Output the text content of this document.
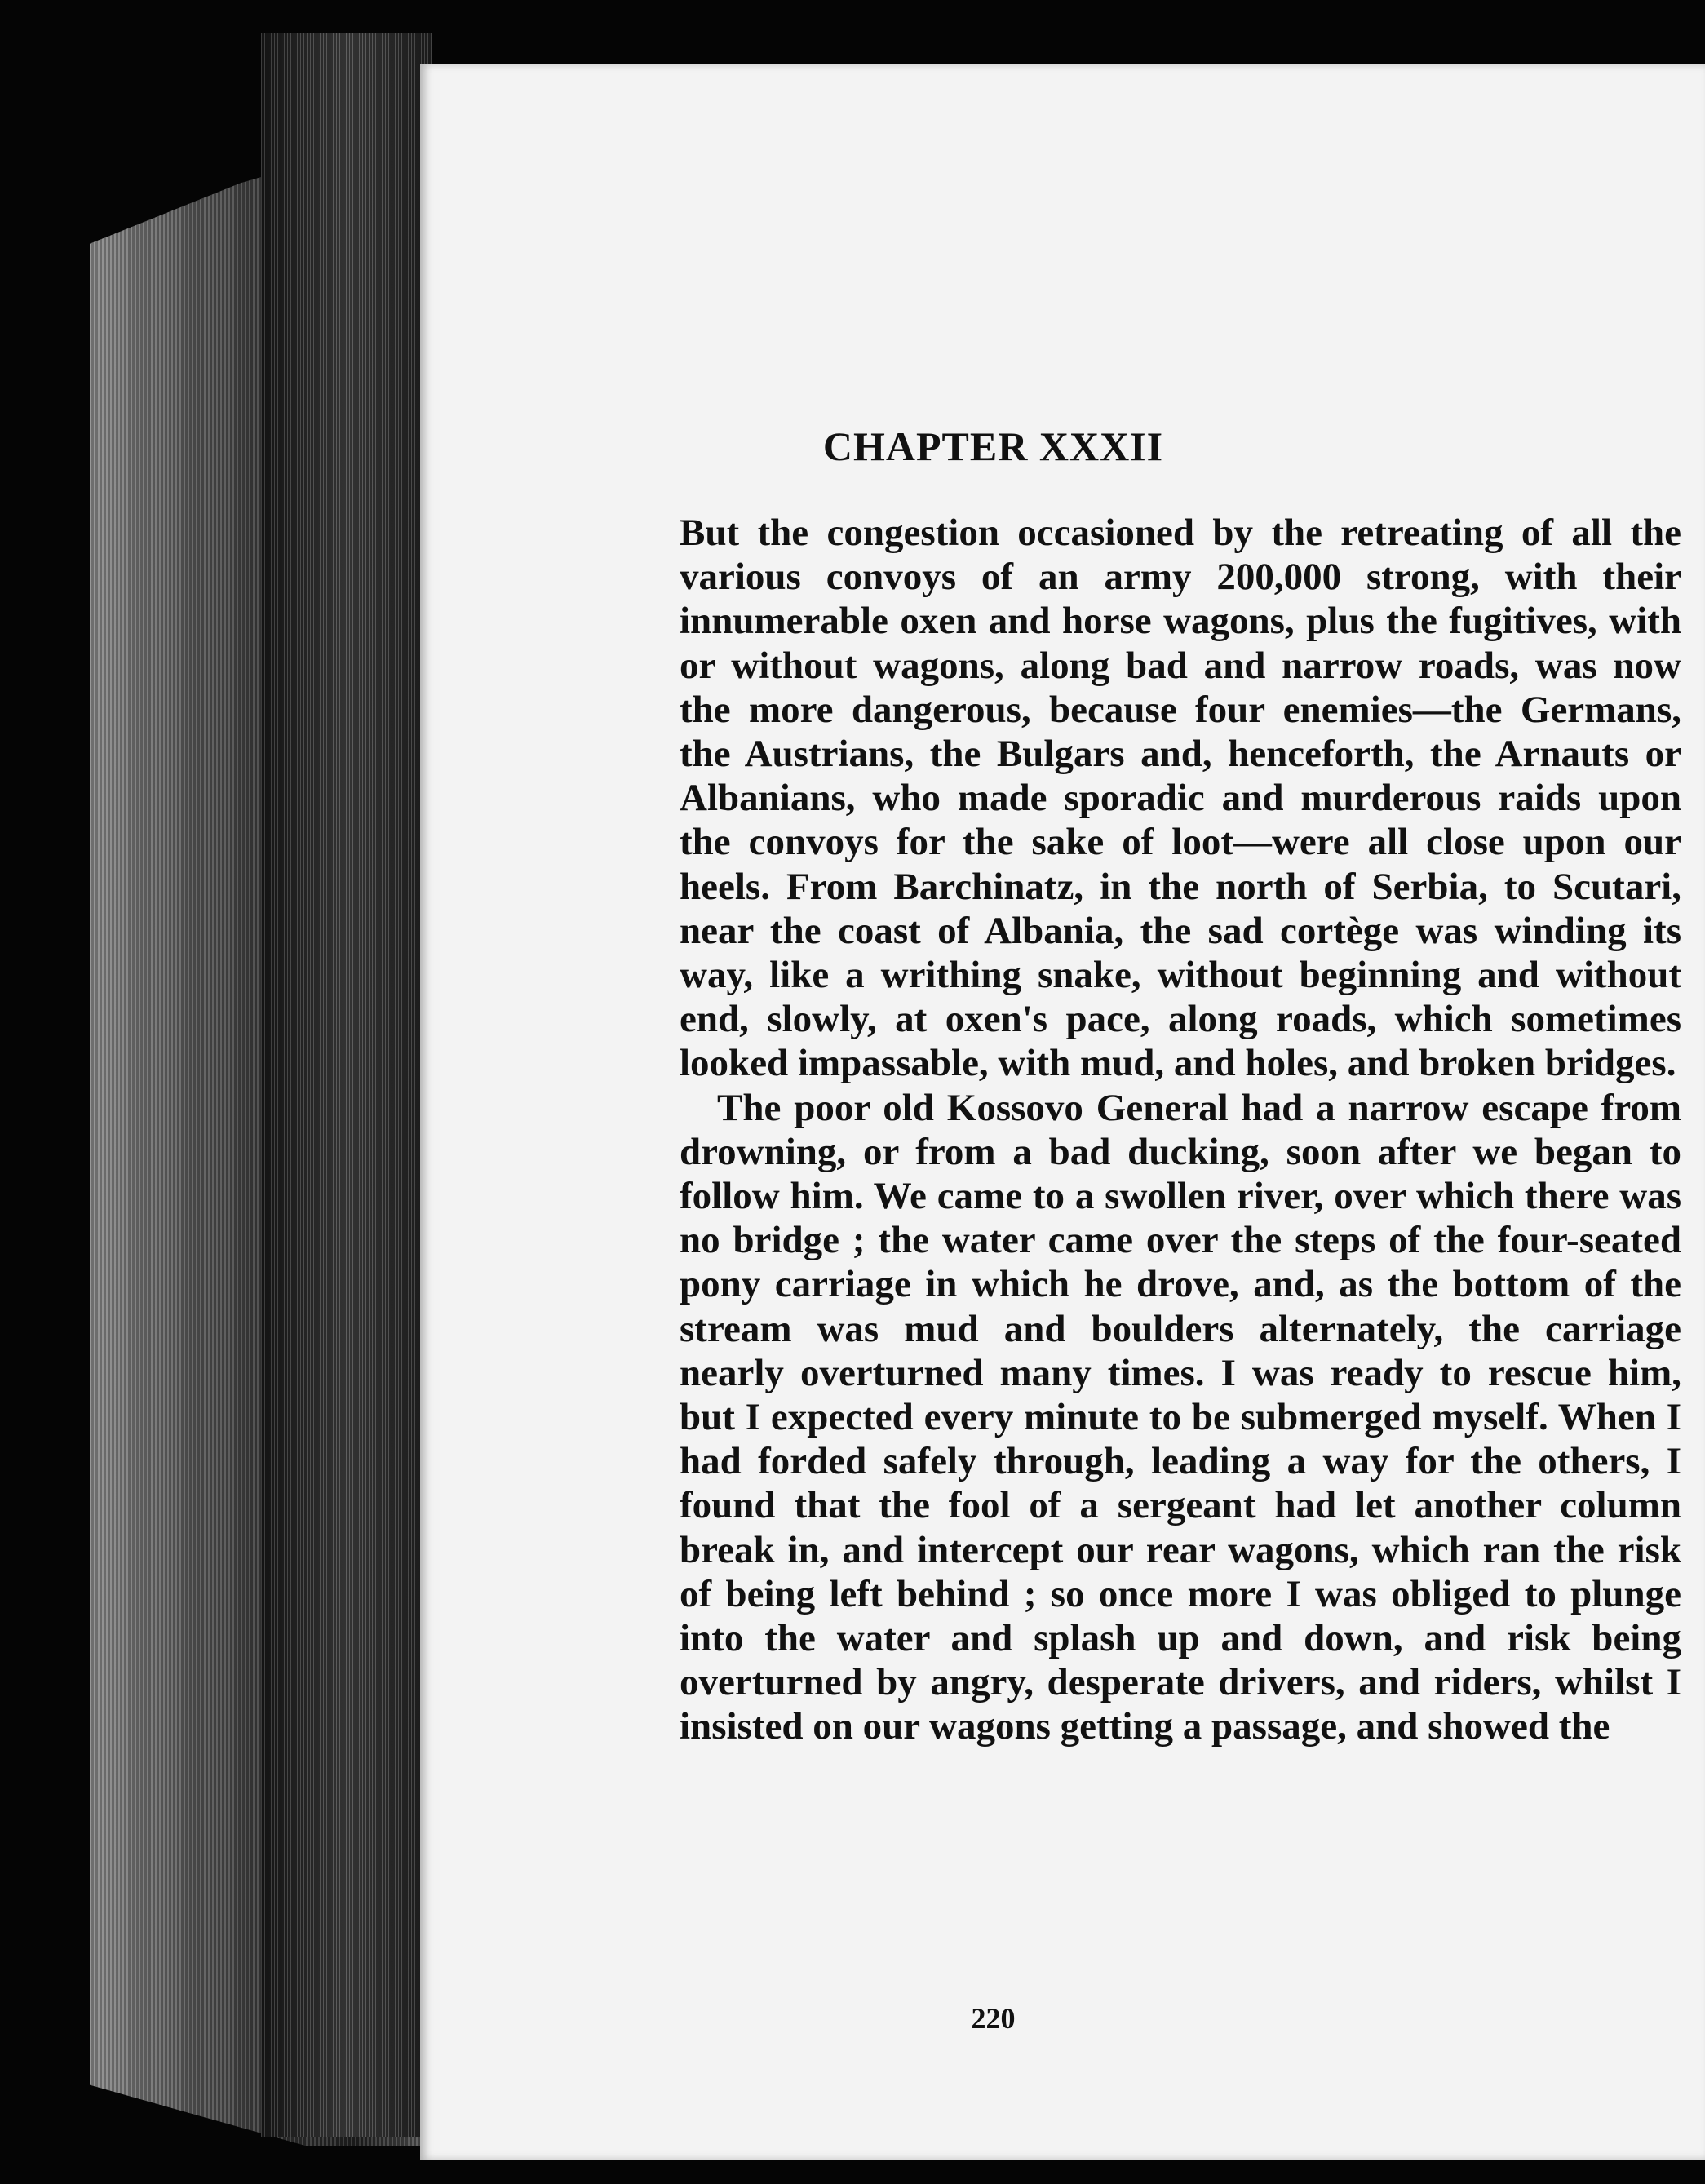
CHAPTER XXXII

But the congestion occasioned by the retreating of all the various convoys of an army 200,000 strong, with their innumerable oxen and horse wagons, plus the fugitives, with or without wagons, along bad and narrow roads, was now the more dangerous, because four enemies—the Germans, the Austrians, the Bulgars and, henceforth, the Arnauts or Albanians, who made sporadic and murderous raids upon the convoys for the sake of loot—were all close upon our heels. From Barchinatz, in the north of Serbia, to Scutari, near the coast of Albania, the sad cortège was winding its way, like a writhing snake, without beginning and without end, slowly, at oxen's pace, along roads, which sometimes looked impassable, with mud, and holes, and broken bridges.

The poor old Kossovo General had a narrow escape from drowning, or from a bad ducking, soon after we began to follow him. We came to a swollen river, over which there was no bridge ; the water came over the steps of the four-seated pony carriage in which he drove, and, as the bottom of the stream was mud and boulders alternately, the carriage nearly overturned many times. I was ready to rescue him, but I expected every minute to be submerged myself. When I had forded safely through, leading a way for the others, I found that the fool of a sergeant had let another column break in, and intercept our rear wagons, which ran the risk of being left behind ; so once more I was obliged to plunge into the water and splash up and down, and risk being overturned by angry, desperate drivers, and riders, whilst I insisted on our wagons getting a passage, and showed the

220
